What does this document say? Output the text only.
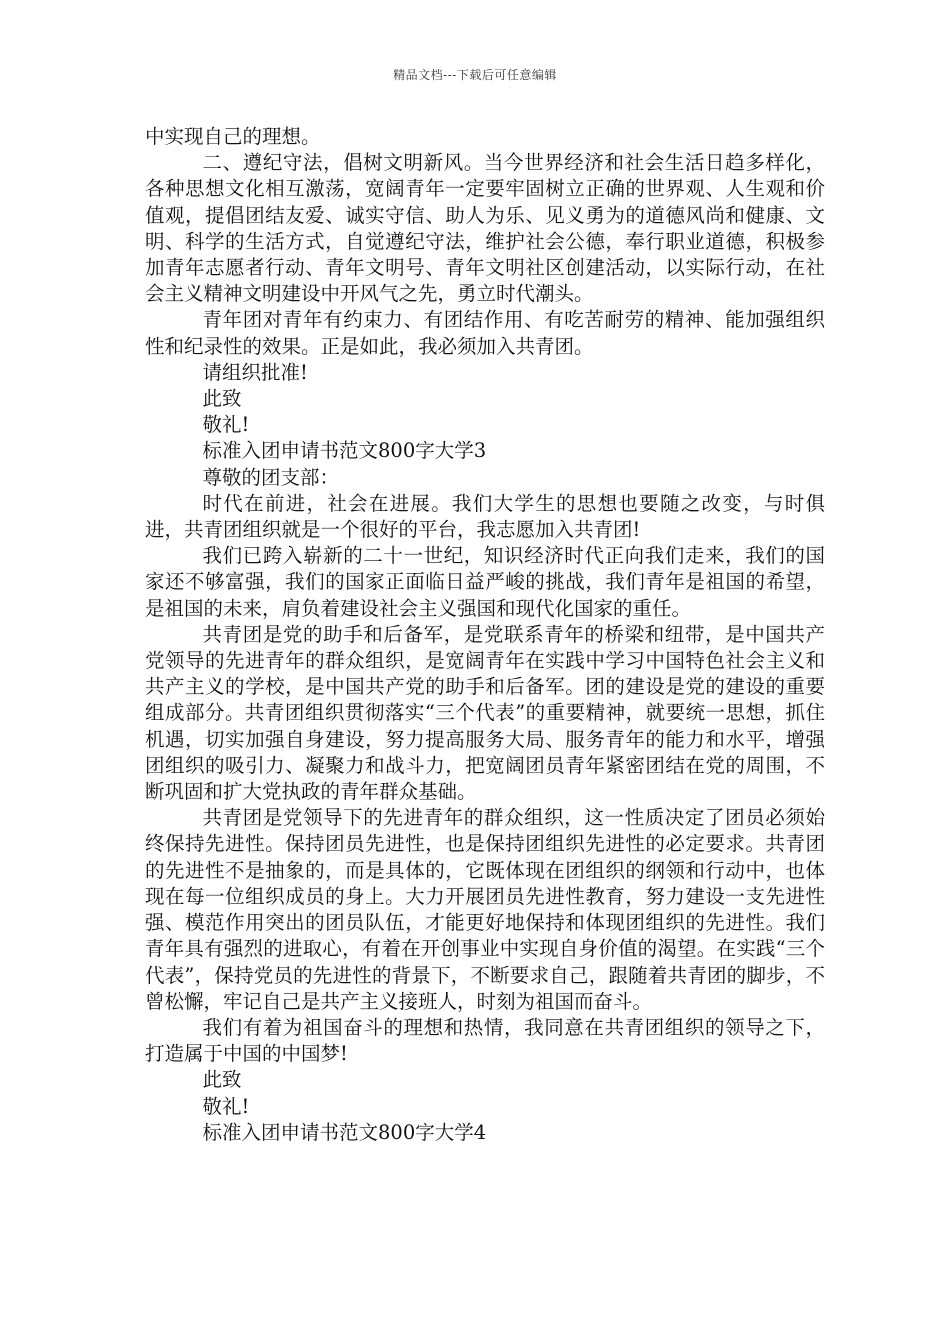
精品文档---下载后可任意编辑

中实现自己的理想。

二、遵纪守法，倡树文明新风。当今世界经济和社会生活日趋多样化，各种思想文化相互激荡，宽阔青年一定要牢固树立正确的世界观、人生观和价值观，提倡团结友爱、诚实守信、助人为乐、见义勇为的道德风尚和健康、文明、科学的生活方式，自觉遵纪守法，维护社会公德，奉行职业道德，积极参加青年志愿者行动、青年文明号、青年文明社区创建活动，以实际行动，在社会主义精神文明建设中开风气之先，勇立时代潮头。

青年团对青年有约束力、有团结作用、有吃苦耐劳的精神、能加强组织性和纪录性的效果。正是如此，我必须加入共青团。

请组织批准!

此致

敬礼!

标准入团申请书范文800字大学3

尊敬的团支部：

时代在前进，社会在进展。我们大学生的思想也要随之改变，与时俱进，共青团组织就是一个很好的平台，我志愿加入共青团!

我们已跨入崭新的二十一世纪，知识经济时代正向我们走来，我们的国家还不够富强，我们的国家正面临日益严峻的挑战，我们青年是祖国的希望，是祖国的未来，肩负着建设社会主义强国和现代化国家的重任。

共青团是党的助手和后备军，是党联系青年的桥梁和纽带，是中国共产党领导的先进青年的群众组织，是宽阔青年在实践中学习中国特色社会主义和共产主义的学校，是中国共产党的助手和后备军。团的建设是党的建设的重要组成部分。共青团组织贯彻落实“三个代表”的重要精神，就要统一思想，抓住机遇，切实加强自身建设，努力提高服务大局、服务青年的能力和水平，增强团组织的吸引力、凝聚力和战斗力，把宽阔团员青年紧密团结在党的周围，不断巩固和扩大党执政的青年群众基础。

共青团是党领导下的先进青年的群众组织，这一性质决定了团员必须始终保持先进性。保持团员先进性，也是保持团组织先进性的必定要求。共青团的先进性不是抽象的，而是具体的，它既体现在团组织的纲领和行动中，也体现在每一位组织成员的身上。大力开展团员先进性教育，努力建设一支先进性强、模范作用突出的团员队伍，才能更好地保持和体现团组织的先进性。我们青年具有强烈的进取心，有着在开创事业中实现自身价值的渴望。在实践“三个代表”，保持党员的先进性的背景下，不断要求自己，跟随着共青团的脚步，不曾松懈，牢记自己是共产主义接班人，时刻为祖国而奋斗。

我们有着为祖国奋斗的理想和热情，我同意在共青团组织的领导之下，打造属于中国的中国梦!

此致

敬礼!

标准入团申请书范文800字大学4
